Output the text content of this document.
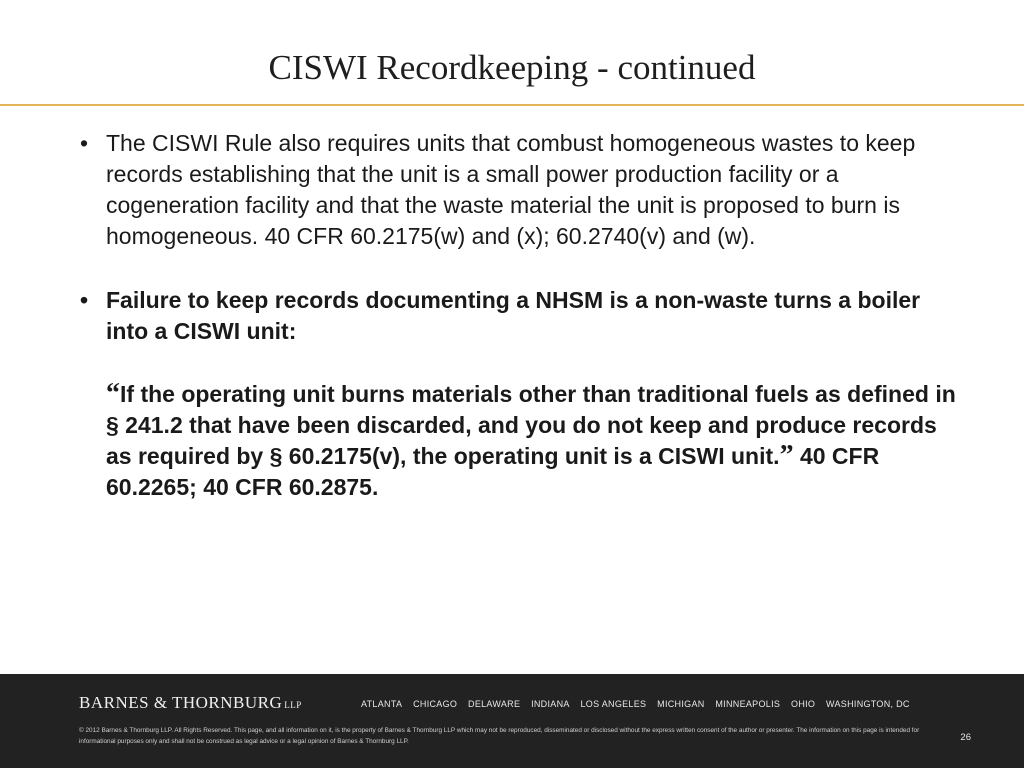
CISWI Recordkeeping - continued
• The CISWI Rule also requires units that combust homogeneous wastes to keep records establishing that the unit is a small power production facility or a cogeneration facility and that the waste material the unit is proposed to burn is homogeneous. 40 CFR 60.2175(w) and (x); 60.2740(v) and (w).
• Failure to keep records documenting a NHSM is a non-waste turns a boiler into a CISWI unit:
“If the operating unit burns materials other than traditional fuels as defined in § 241.2 that have been discarded, and you do not keep and produce records as required by § 60.2175(v), the operating unit is a CISWI unit.” 40 CFR 60.2265; 40 CFR 60.2875.
BARNES & THORNBURG LLP	ATLANTA CHICAGO DELAWARE INDIANA LOS ANGELES MICHIGAN MINNEAPOLIS OHIO WASHINGTON, DC
© 2012 Barnes & Thornburg LLP. All Rights Reserved. This page, and all information on it, is the property of Barnes & Thornburg LLP which may not be reproduced, disseminated or disclosed without the express written consent of the author or presenter. The information on this page is intended for informational purposes only and shall not be construed as legal advice or a legal opinion of Barnes & Thornburg LLP.	26
